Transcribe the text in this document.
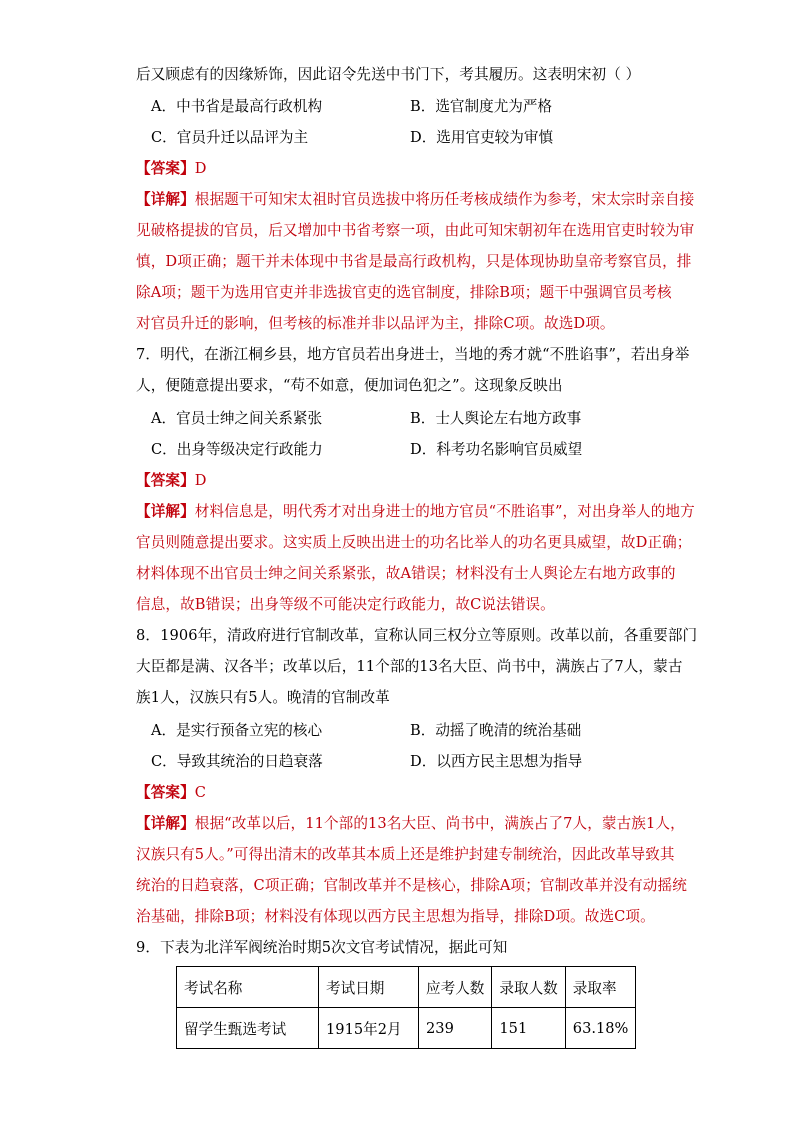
后又顾虑有的因缘矫饰，因此诏令先送中书门下，考其履历。这表明宋初（ ）
A．中书省是最高行政机构	B．选官制度尤为严格
C．官员升迁以品评为主	D．选用官吏较为审慎
【答案】D
【详解】根据题干可知宋太祖时官员选拔中将历任考核成绩作为参考，宋太宗时亲自接
见破格提拔的官员，后又增加中书省考察一项，由此可知宋朝初年在选用官吏时较为审
慎，D项正确；题干并未体现中书省是最高行政机构，只是体现协助皇帝考察官员，排
除A项；题干为选用官吏并非选拔官吏的选官制度，排除B项；题干中强调官员考核
对官员升迁的影响，但考核的标准并非以品评为主，排除C项。故选D项。
7．明代，在浙江桐乡县，地方官员若出身进士，当地的秀才就“不胜谄事”，若出身举
人，便随意提出要求，“苟不如意，便加词色犯之”。这现象反映出
A．官员士绅之间关系紧张	B．士人舆论左右地方政事
C．出身等级决定行政能力	D．科考功名影响官员威望
【答案】D
【详解】材料信息是，明代秀才对出身进士的地方官员“不胜谄事”，对出身举人的地方
官员则随意提出要求。这实质上反映出进士的功名比举人的功名更具威望，故D正确；
材料体现不出官员士绅之间关系紧张，故A错误；材料没有士人舆论左右地方政事的
信息，故B错误；出身等级不可能决定行政能力，故C说法错误。
8．1906年，清政府进行官制改革，宣称认同三权分立等原则。改革以前，各重要部门
大臣都是满、汉各半；改革以后，11个部的13名大臣、尚书中，满族占了7人，蒙古
族1人，汉族只有5人。晚清的官制改革
A．是实行预备立宪的核心	B．动摇了晚清的统治基础
C．导致其统治的日趋衰落	D．以西方民主思想为指导
【答案】C
【详解】根据“改革以后，11个部的13名大臣、尚书中，满族占了7人，蒙古族1人，
汉族只有5人。”可得出清末的改革其本质上还是维护封建专制统治，因此改革导致其
统治的日趋衰落，C项正确；官制改革并不是核心，排除A项；官制改革并没有动摇统
治基础，排除B项；材料没有体现以西方民主思想为指导，排除D项。故选C项。
9．下表为北洋军阀统治时期5次文官考试情况，据此可知
考试名称	考试日期	应考人数	录取人数	录取率
留学生甄选考试	1915年2月	239	151	63.18%
